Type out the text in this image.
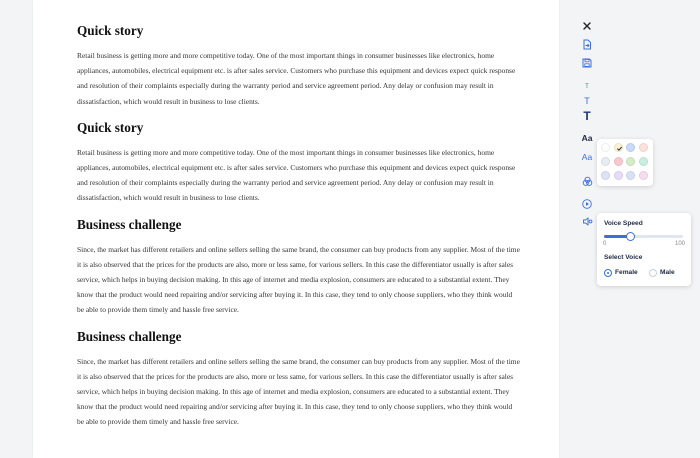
Quick story

Retail business is getting more and more competitive today. One of the most important things in consumer businesses like electronics, home appliances, automobiles, electrical equipment etc. is after sales service. Customers who purchase this equipment and devices expect quick response and resolution of their complaints especially during the warranty period and service agreement period. Any delay or confusion may result in dissatisfaction, which would result in business to lose clients.

Quick story

Retail business is getting more and more competitive today. One of the most important things in consumer businesses like electronics, home appliances, automobiles, electrical equipment etc. is after sales service. Customers who purchase this equipment and devices expect quick response and resolution of their complaints especially during the warranty period and service agreement period. Any delay or confusion may result in dissatisfaction, which would result in business to lose clients.

Business challenge

Since, the market has different retailers and online sellers selling the same brand, the consumer can buy products from any supplier. Most of the time it is also observed that the prices for the products are also, more or less same, for various sellers. In this case the differentiator usually is after sales service, which helps in buying decision making. In this age of internet and media explosion, consumers are educated to a substantial extent. They know that the product would need repairing and/or servicing after buying it. In this case, they tend to only choose suppliers, who they think would be able to provide them timely and hassle free service.

Business challenge

Since, the market has different retailers and online sellers selling the same brand, the consumer can buy products from any supplier. Most of the time it is also observed that the prices for the products are also, more or less same, for various sellers. In this case the differentiator usually is after sales service, which helps in buying decision making. In this age of internet and media explosion, consumers are educated to a substantial extent. They know that the product would need repairing and/or servicing after buying it. In this case, they tend to only choose suppliers, who they think would be able to provide them timely and hassle free service.

T
T
T
Aa
Aa
Voice Speed
0	100
Select Voice
Female	Male
